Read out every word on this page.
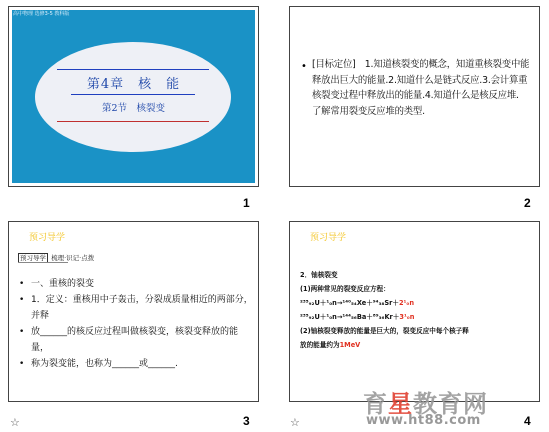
高中物理 选修3-5 教科版
第4章　核　能
第2节　核裂变
1
• [目标定位]　1.知道核裂变的概念，知道重核裂变中能释放出巨大的能量.2.知道什么是链式反应.3.会计算重核裂变过程中释放出的能量.4.知道什么是核反应堆．了解常用裂变反应堆的类型.
2
预习导学
预习导学 梳理·识记·点拨
• 一、重核的裂变
• 1．定义：重核用中子轰击，分裂成质量相近的两部分，并释
• 放______的核反应过程叫做核裂变，核裂变释放的能量，
• 称为裂变能，也称为______或______.
☆	3
预习导学
2．铀核裂变
(1)两种常见的裂变反应方程：
²³⁵₉₂U＋¹₀n→¹⁴⁰₅₄Xe＋⁹⁴₃₈Sr＋2¹₀n
²³⁵₉₂U＋¹₀n→¹⁴⁴₅₆Ba＋⁸⁹₃₆Kr＋3¹₀n
(2)铀核裂变释放的能量是巨大的，裂变反应中每个核子释
放的能量约为1MeV
☆	4
育星教育网
www.ht88.com
